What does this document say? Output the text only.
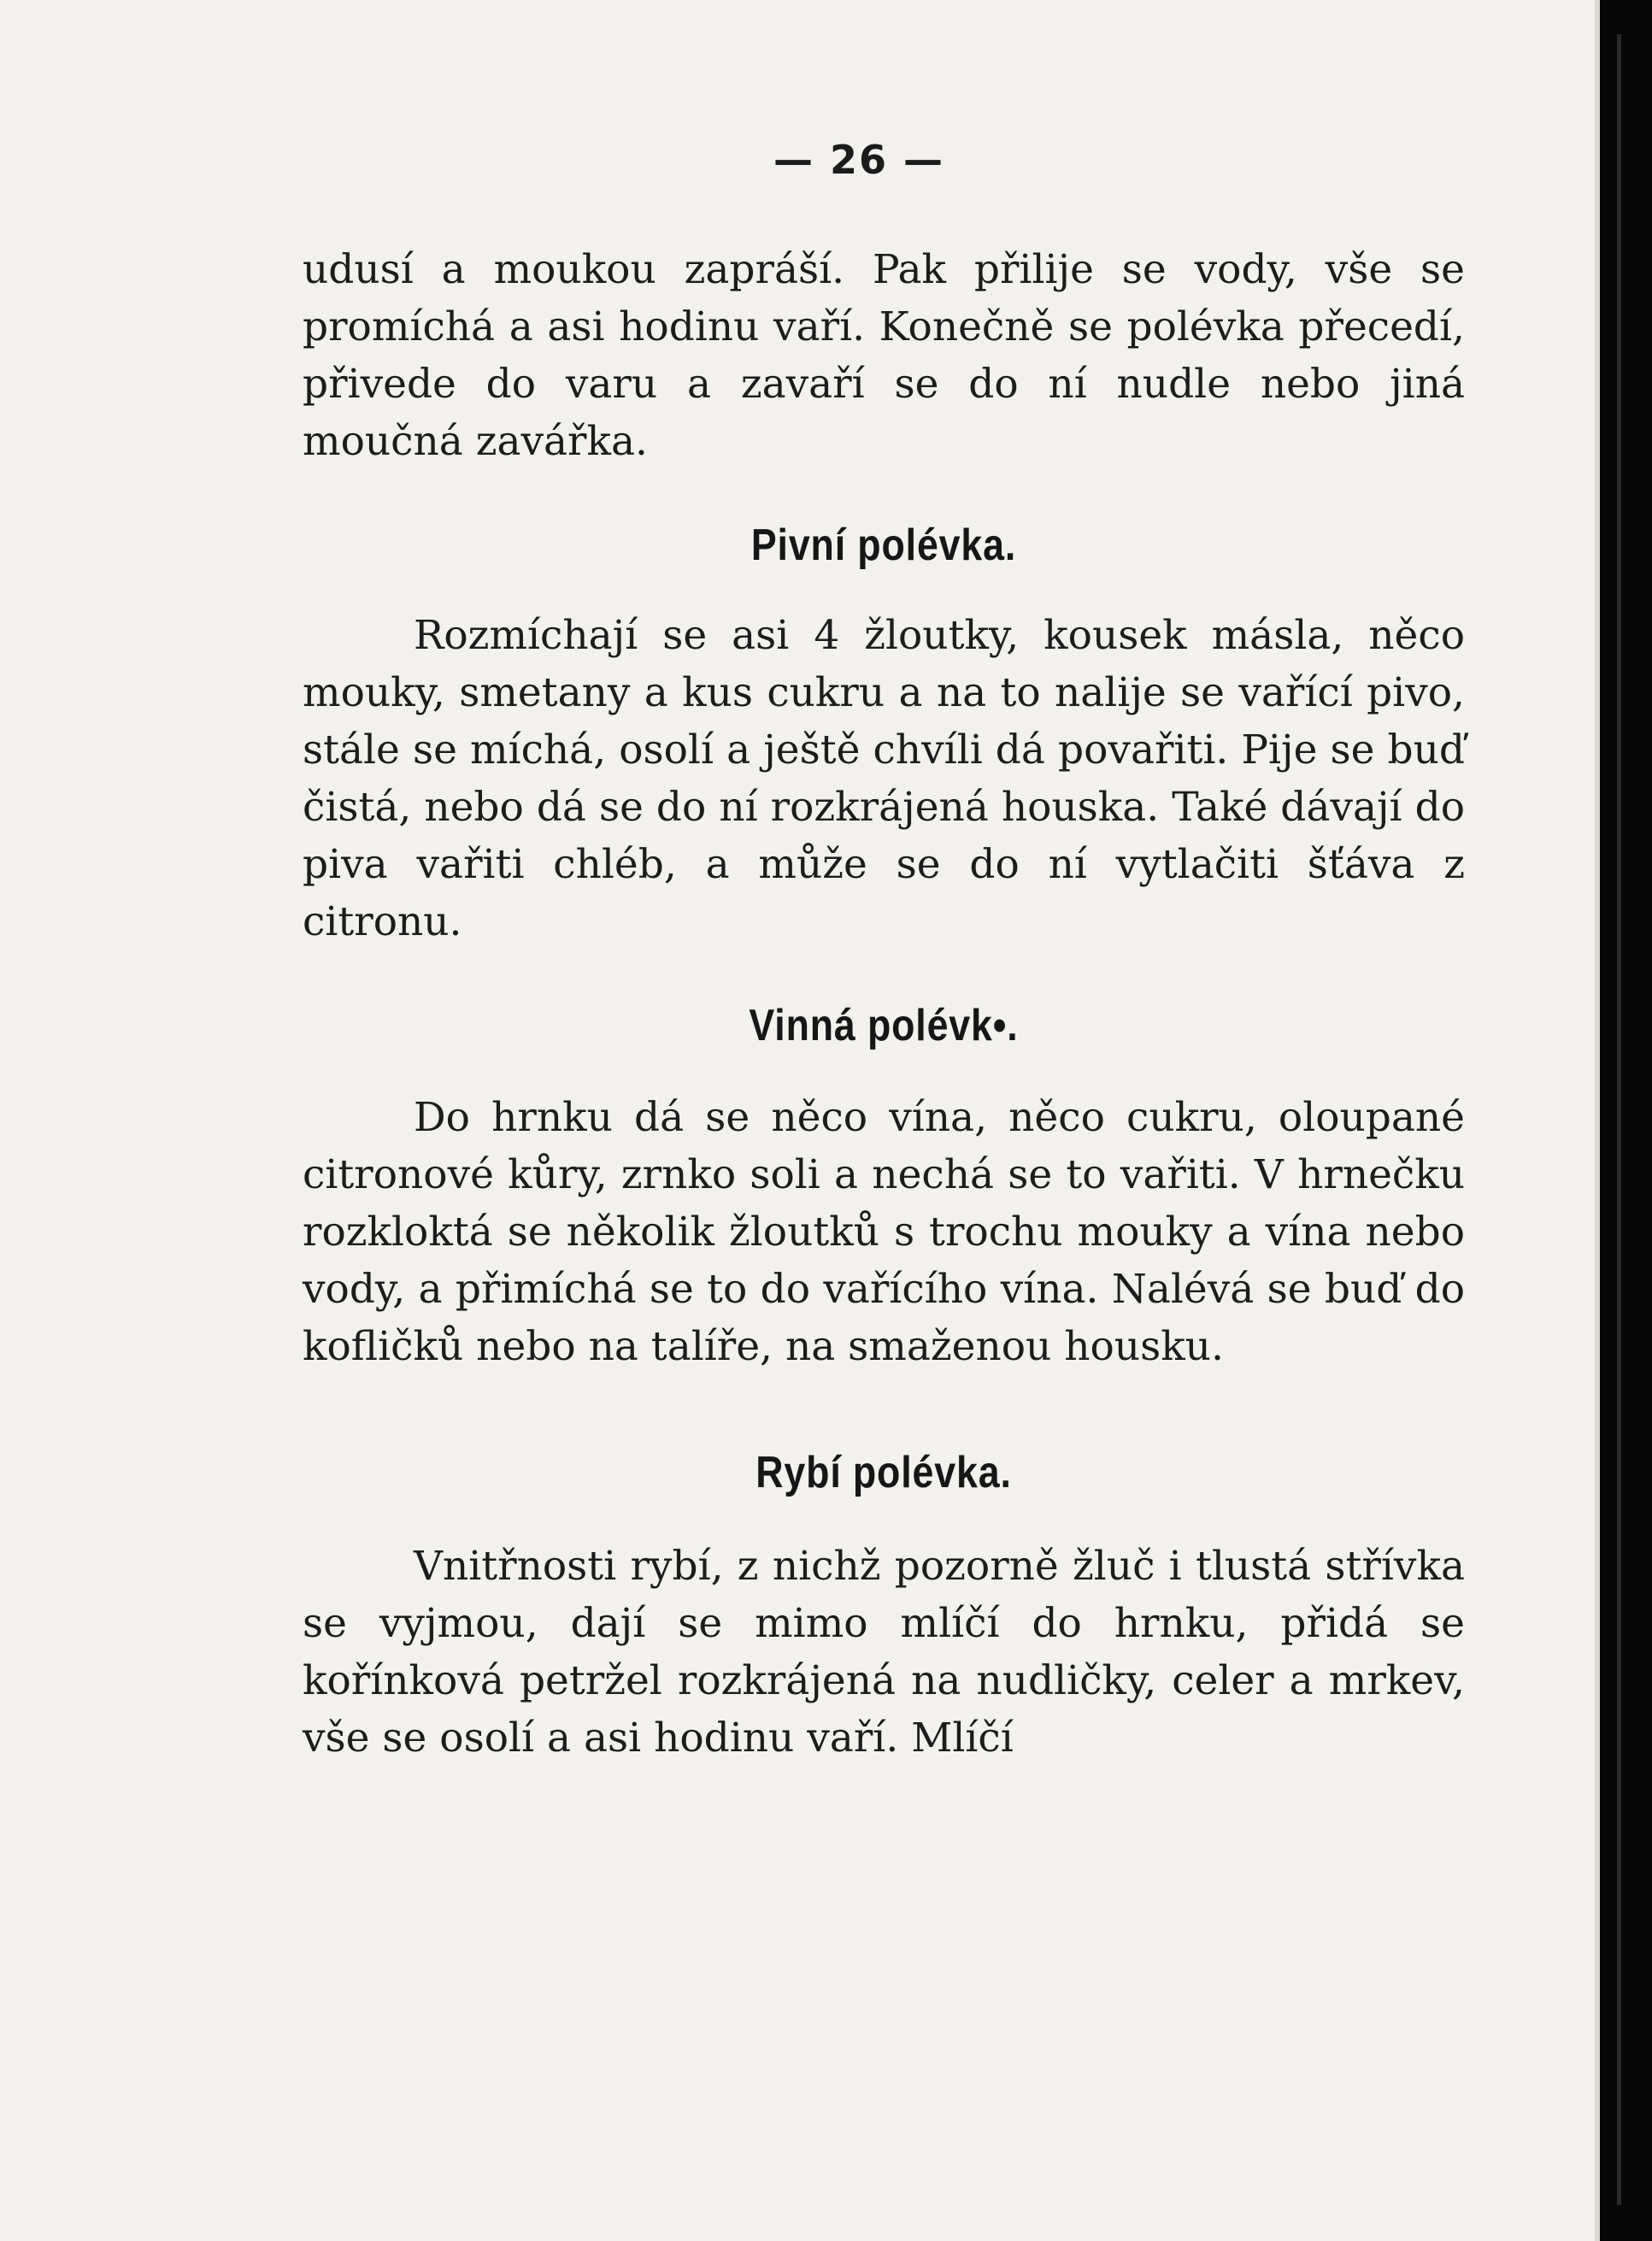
— 26 —

udusí a moukou zapráší. Pak přilije se vody, vše se promíchá a asi hodinu vaří. Konečně se polévka přecedí, přivede do varu a zavaří se do ní nudle nebo jiná moučná zavářka.

Pivní polévka.

Rozmíchají se asi 4 žloutky, kousek másla, něco mouky, smetany a kus cukru a na to nalije se vařící pivo, stále se míchá, osolí a ještě chvíli dá povařiti. Pije se buď čistá, nebo dá se do ní rozkrájená houska. Také dávají do piva vařiti chléb, a může se do ní vytlačiti šťáva z citronu.

Vinná polévk•.

Do hrnku dá se něco vína, něco cukru, oloupané citronové kůry, zrnko soli a nechá se to vařiti. V hrnečku rozkloktá se několik žloutků s trochu mouky a vína nebo vody, a přimíchá se to do vařícího vína. Nalévá se buď do kofličků nebo na talíře, na smaženou housku.

Rybí polévka.

Vnitřnosti rybí, z nichž pozorně žluč i tlustá střívka se vyjmou, dají se mimo mlíčí do hrnku, přidá se kořínková petržel rozkrájená na nudličky, celer a mrkev, vše se osolí a asi hodinu vaří. Mlíčí
